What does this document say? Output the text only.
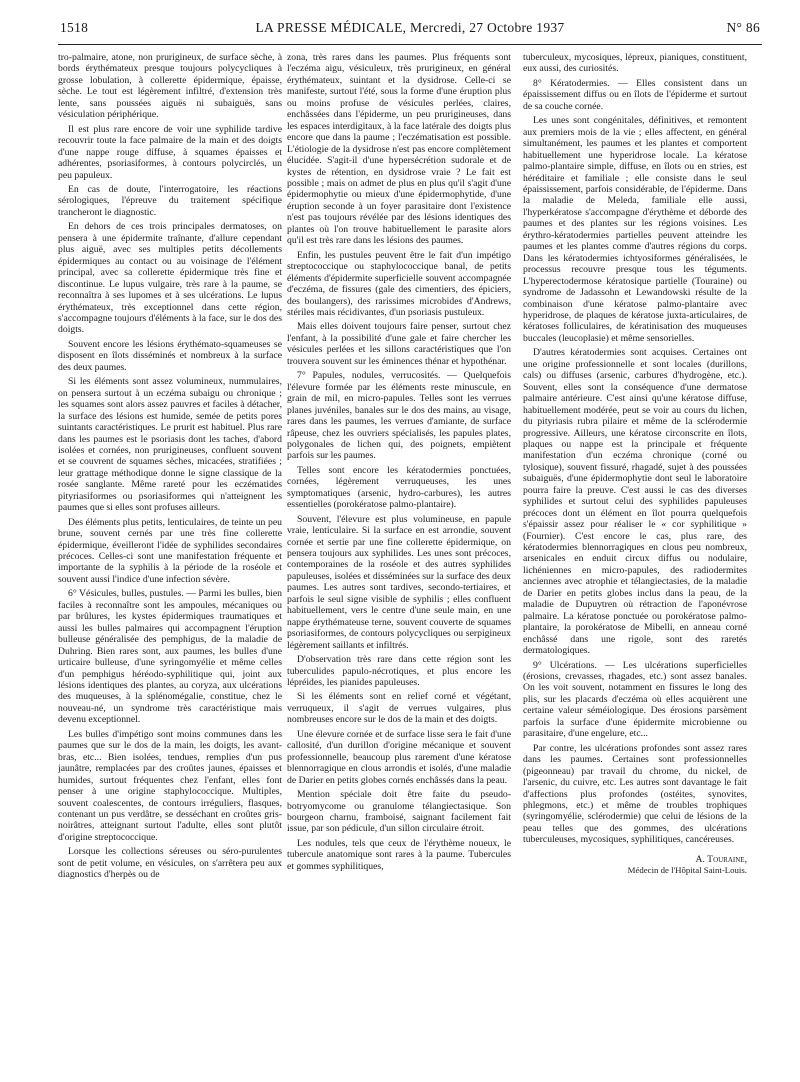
1518	LA PRESSE MÉDICALE, Mercredi, 27 Octobre 1937	N° 86

tro-palmaire, atone, non prurigineux, de surface sèche, à bords érythémateux presque toujours polycycliques à grosse lobulation, à collerette épidermique, épaisse, sèche. Le tout est légèrement infiltré, d'extension très lente, sans poussées aiguës ni subaiguës, sans vésiculation périphérique.

Il est plus rare encore de voir une syphilide tardive recouvrir toute la face palmaire de la main et des doigts d'une nappe rouge diffuse, à squames épaisses et adhérentes, psoriasiformes, à contours polycirclés, un peu papuleux.

En cas de doute, l'interrogatoire, les réactions sérologiques, l'épreuve du traitement spécifique trancheront le diagnostic.

En dehors de ces trois principales dermatoses, on pensera à une épidermite traînante, d'allure cependant plus aiguë, avec ses multiples petits décollements épidermiques au contact ou au voisinage de l'élément principal, avec sa collerette épidermique très fine et discontinue. Le lupus vulgaire, très rare à la paume, se reconnaîtra à ses lupomes et à ses ulcérations. Le lupus érythémateux, très exceptionnel dans cette région, s'accompagne toujours d'éléments à la face, sur le dos des doigts.

Souvent encore les lésions érythémato-squameuses se disposent en îlots disséminés et nombreux à la surface des deux paumes.

Si les éléments sont assez volumineux, nummulaires, on pensera surtout à un eczéma subaigu ou chronique ; les squames sont alors assez pauvres et faciles à détacher, la surface des lésions est humide, semée de petits pores suintants caractéristiques. Le prurit est habituel. Plus rare dans les paumes est le psoriasis dont les taches, d'abord isolées et cornées, non prurigineuses, confluent souvent et se couvrent de squames sèches, micacées, stratifiées ; leur grattage méthodique donne le signe classique de la rosée sanglante. Même rareté pour les eczématides pityriasiformes ou psoriasiformes qui n'atteignent les paumes que si elles sont profuses ailleurs.

Des éléments plus petits, lenticulaires, de teinte un peu brune, souvent cernés par une très fine collerette épidermique, éveilleront l'idée de syphilides secondaires précoces. Celles-ci sont une manifestation fréquente et importante de la syphilis à la période de la roséole et souvent aussi l'indice d'une infection sévère.

6° Vésicules, bulles, pustules. — Parmi les bulles, bien faciles à reconnaître sont les ampoules, mécaniques ou par brûlures, les kystes épidermiques traumatiques et aussi les bulles palmaires qui accompagnent l'éruption bulleuse généralisée des pemphigus, de la maladie de Duhring. Bien rares sont, aux paumes, les bulles d'une urticaire bulleuse, d'une syringomyélie et même celles d'un pemphigus héréodo-syphilitique qui, joint aux lésions identiques des plantes, au coryza, aux ulcérations des muqueuses, à la splénomégalie, constitue, chez le nouveau-né, un syndrome très caractéristique mais devenu exceptionnel.

Les bulles d'impétigo sont moins communes dans les paumes que sur le dos de la main, les doigts, les avant-bras, etc... Bien isolées, tendues, remplies d'un pus jaunâtre, remplacées par des croûtes jaunes, épaisses et humides, surtout fréquentes chez l'enfant, elles font penser à une origine staphylococcique. Multiples, souvent coalescentes, de contours irréguliers, flasques, contenant un pus verdâtre, se desséchant en croûtes gris-noirâtres, atteignant surtout l'adulte, elles sont plutôt d'origine streptococcique.

Lorsque les collections séreuses ou séro-purulentes sont de petit volume, en vésicules, on s'arrêtera peu aux diagnostics d'herpès ou de

zona, très rares dans les paumes. Plus fréquents sont l'eczéma aigu, vésiculeux, très prurigineux, en général érythémateux, suintant et la dysidrose. Celle-ci se manifeste, surtout l'été, sous la forme d'une éruption plus ou moins profuse de vésicules perlées, claires, enchâssées dans l'épiderme, un peu prurigineuses, dans les espaces interdigitaux, à la face latérale des doigts plus encore que dans la paume ; l'eczématisation est possible. L'étiologie de la dysidrose n'est pas encore complètement élucidée. S'agit-il d'une hypersécrétion sudorale et de kystes de rétention, en dysidrose vraie ? Le fait est possible ; mais on admet de plus en plus qu'il s'agit d'une épidermophytie ou mieux d'une épidermophytide, d'une éruption seconde à un foyer parasitaire dont l'existence n'est pas toujours révélée par des lésions identiques des plantes où l'on trouve habituellement le parasite alors qu'il est très rare dans les lésions des paumes.

Enfin, les pustules peuvent être le fait d'un impétigo streptococcique ou staphylococcique banal, de petits éléments d'épidermite superficielle souvent accompagnée d'eczéma, de fissures (gale des cimentiers, des épiciers, des boulangers), des rarissimes microbides d'Andrews, stériles mais récidivantes, d'un psoriasis pustuleux.

Mais elles doivent toujours faire penser, surtout chez l'enfant, à la possibilité d'une gale et faire chercher les vésicules perlées et les sillons caractéristiques que l'on trouvera souvent sur les éminences thénar et hypothénar.

7° Papules, nodules, verrucosités. — Quelquefois l'élevure formée par les éléments reste minuscule, en grain de mil, en micro-papules. Telles sont les verrues planes juvéniles, banales sur le dos des mains, au visage, rares dans les paumes, les verrues d'amiante, de surface râpeuse, chez les ouvriers spécialisés, les papules plates, polygonales de lichen qui, des poignets, empiètent parfois sur les paumes.

Telles sont encore les kératodermies ponctuées, cornées, légèrement verruqueuses, les unes symptomatiques (arsenic, hydro-carbures), les autres essentielles (porokératose palmo-plantaire).

Souvent, l'élevure est plus volumineuse, en papule vraie, lenticulaire. Si la surface en est arrondie, souvent cornée et sertie par une fine collerette épidermique, on pensera toujours aux syphilides. Les unes sont précoces, contemporaines de la roséole et des autres syphilides papuleuses, isolées et disséminées sur la surface des deux paumes. Les autres sont tardives, secondo-tertiaires, et parfois le seul signe visible de syphilis ; elles confluent habituellement, vers le centre d'une seule main, en une nappe érythémateuse terne, souvent couverte de squames psoriasiformes, de contours polycycliques ou serpigineux légèrement saillants et infiltrés.

D'observation très rare dans cette région sont les tuberculides papulo-nécrotiques, et plus encore les lépréides, les pianides papuleuses.

Si les éléments sont en relief corné et végétant, verruqueux, il s'agit de verrues vulgaires, plus nombreuses encore sur le dos de la main et des doigts.

Une élevure cornée et de surface lisse sera le fait d'une callosité, d'un durillon d'origine mécanique et souvent professionnelle, beaucoup plus rarement d'une kératose blennorragique en clous arrondis et isolés, d'une maladie de Darier en petits globes cornés enchâssés dans la peau.

Mention spéciale doit être faite du pseudo-botryomycome ou granulome télangiectasique. Son bourgeon charnu, framboisé, saignant facilement fait issue, par son pédicule, d'un sillon circulaire étroit.

Les nodules, tels que ceux de l'érythème noueux, le tubercule anatomique sont rares à la paume. Tubercules et gommes syphilitiques,

tuberculeux, mycosiques, lépreux, pianiques, constituent, eux aussi, des curiosités.

8° Kératodermies. — Elles consistent dans un épaississement diffus ou en îlots de l'épiderme et surtout de sa couche cornée.

Les unes sont congénitales, définitives, et remontent aux premiers mois de la vie ; elles affectent, en général simultanément, les paumes et les plantes et comportent habituellement une hyperidrose locale. La kératose palmo-plantaire simple, diffuse, en îlots ou en stries, est héréditaire et familiale ; elle consiste dans le seul épaississement, parfois considérable, de l'épiderme. Dans la maladie de Meleda, familiale elle aussi, l'hyperkératose s'accompagne d'érythème et déborde des paumes et des plantes sur les régions voisines. Les érythro-kératodermies partielles peuvent atteindre les paumes et les plantes comme d'autres régions du corps. Dans les kératodermies ichtyosiformes généralisées, le processus recouvre presque tous les téguments. L'hyperectodermose kératosique partielle (Touraine) ou syndrome de Jadassohn et Lewandowski résulte de la combinaison d'une kératose palmo-plantaire avec hyperidrose, de plaques de kératose juxta-articulaires, de kératoses folliculaires, de kératinisation des muqueuses buccales (leucoplasie) et même sensorielles.

D'autres kératodermies sont acquises. Certaines ont une origine professionnelle et sont locales (durillons, cals) ou diffuses (arsenic, carbures d'hydrogène, etc.). Souvent, elles sont la conséquence d'une dermatose palmaire antérieure. C'est ainsi qu'une kératose diffuse, habituellement modérée, peut se voir au cours du lichen, du pityriasis rubra pilaire et même de la sclérodermie progressive. Ailleurs, une kératose circonscrite en îlots, plaques ou nappe est la principale et fréquente manifestation d'un eczéma chronique (corné ou tylosique), souvent fissuré, rhagadé, sujet à des poussées subaiguës, d'une épidermophytie dont seul le laboratoire pourra faire la preuve. C'est aussi le cas des diverses syphilides et surtout celui des syphilides papuleuses précoces dont un élément en îlot pourra quelquefois s'épaissir assez pour réaliser le « cor syphilitique » (Fournier). C'est encore le cas, plus rare, des kératodermies blennorragiques en clous peu nombreux, arsenicales en enduit circux diffus ou nodulaire, lichéniennes en micro-papules, des radiodermites anciennes avec atrophie et télangiectasies, de la maladie de Darier en petits globes inclus dans la peau, de la maladie de Dupuytren où rétraction de l'aponévrose palmaire. La kératose ponctuée ou porokératose palmo-plantaire, la porokératose de Mibelli, en anneau corné enchâssé dans une rigole, sont des raretés dermatologiques.

9° Ulcérations. — Les ulcérations superficielles (érosions, crevasses, rhagades, etc.) sont assez banales. On les voit souvent, notamment en fissures le long des plis, sur les placards d'eczéma où elles acquièrent une certaine valeur séméiologique. Des érosions parsèment parfois la surface d'une épidermite microbienne ou parasitaire, d'une engelure, etc...

Par contre, les ulcérations profondes sont assez rares dans les paumes. Certaines sont professionnelles (pigeonneau) par travail du chrome, du nickel, de l'arsenic, du cuivre, etc. Les autres sont davantage le fait d'affections plus profondes (ostéites, synovites, phlegmons, etc.) et même de troubles trophiques (syringomyélie, sclérodermie) que celui de lésions de la peau telles que des gommes, des ulcérations tuberculeuses, mycosiques, syphilitiques, cancéreuses.

A. Touraine,
Médecin de l'Hôpital Saint-Louis.
